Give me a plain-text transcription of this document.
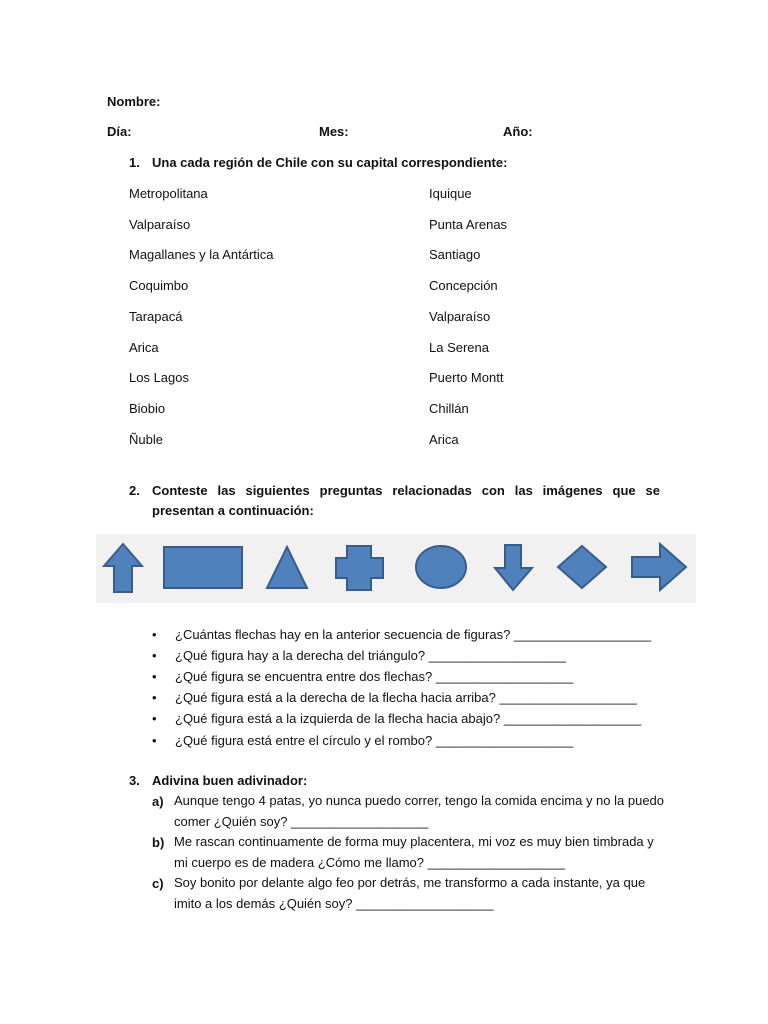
Nombre:
Día:	Mes:	Año:
1. Una cada región de Chile con su capital correspondiente:
Metropolitana
Valparaíso
Magallanes y la Antártica
Coquimbo
Tarapacá
Arica
Los Lagos
Biobio
Ñuble
Iquique
Punta Arenas
Santiago
Concepción
Valparaíso
La Serena
Puerto Montt
Chillán
Arica
2. Conteste las siguientes preguntas relacionadas con las imágenes que se
presentan a continuación:
• ¿Cuántas flechas hay en la anterior secuencia de figuras? ___________________
• ¿Qué figura hay a la derecha del triángulo? ___________________
• ¿Qué figura se encuentra entre dos flechas? ___________________
• ¿Qué figura está a la derecha de la flecha hacia arriba? ___________________
• ¿Qué figura está a la izquierda de la flecha hacia abajo? ___________________
• ¿Qué figura está entre el círculo y el rombo? ___________________
3. Adivina buen adivinador:
a) Aunque tengo 4 patas, yo nunca puedo correr, tengo la comida encima y no la puedo comer ¿Quién soy? ___________________
b) Me rascan continuamente de forma muy placentera, mi voz es muy bien timbrada y mi cuerpo es de madera ¿Cómo me llamo? ___________________
c) Soy bonito por delante algo feo por detrás, me transformo a cada instante, ya que imito a los demás ¿Quién soy? ___________________
